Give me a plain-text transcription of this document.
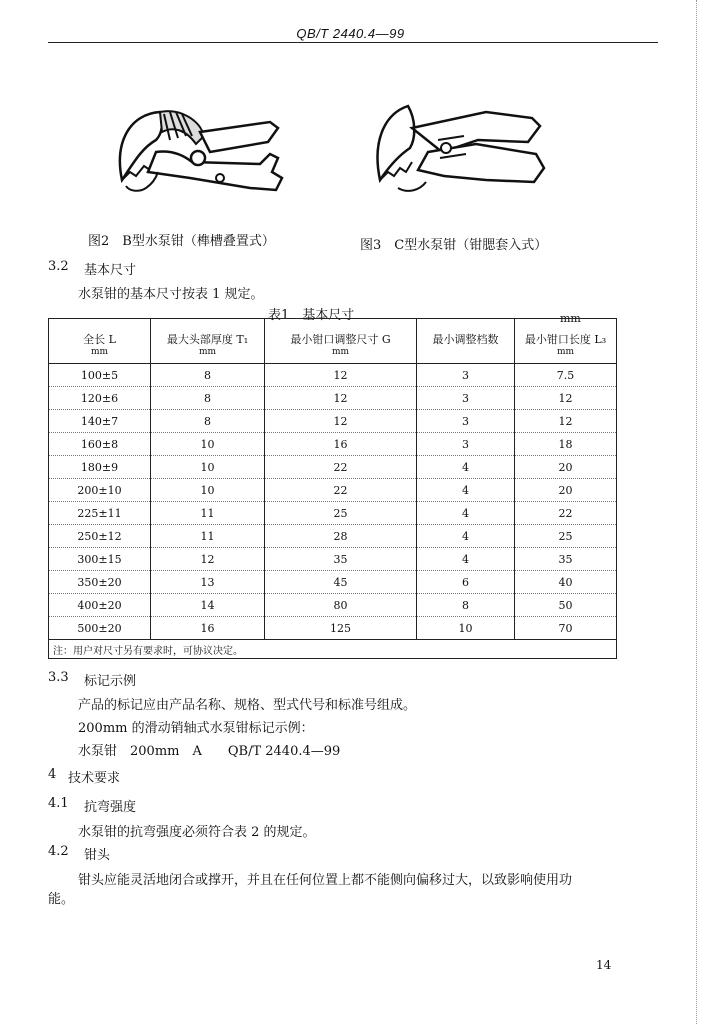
QB/T 2440.4—99
图2　B型水泵钳（榫槽叠置式）	图3　C型水泵钳（钳腮套入式）
3.2 基本尺寸
水泵钳的基本尺寸按表 1 规定。
表1　基本尺寸	mm
全长 L	最大头部厚度 T₁	最小钳口调整尺寸 G	最小调整档数	最小钳口长度 L₃
mm	mm	mm		mm
100±5	8	12	3	7.5
120±6	8	12	3	12
140±7	8	12	3	12
160±8	10	16	3	18
180±9	10	22	4	20
200±10	10	22	4	20
225±11	11	25	4	22
250±12	11	28	4	25
300±15	12	35	4	35
350±20	13	45	6	40
400±20	14	80	8	50
500±20	16	125	10	70
注：用户对尺寸另有要求时，可协议决定。				
3.3 标记示例
产品的标记应由产品名称、规格、型式代号和标准号组成。
200mm 的滑动销轴式水泵钳标记示例：
水泵钳　200mm　A　　QB/T 2440.4—99
4 技术要求
4.1 抗弯强度
水泵钳的抗弯强度必须符合表 2 的规定。
4.2 钳头
钳头应能灵活地闭合或撑开，并且在任何位置上都不能侧向偏移过大，以致影响使用功
能。
14
